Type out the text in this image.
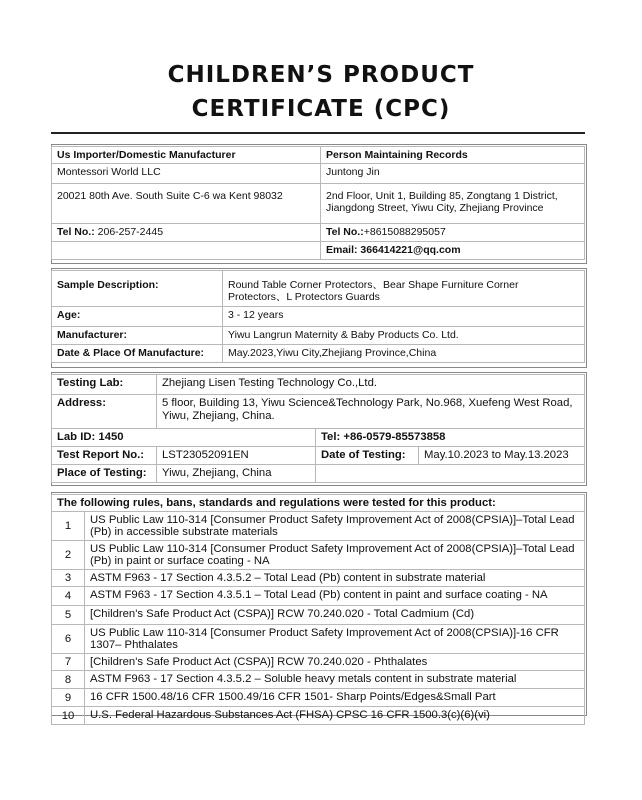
CHILDREN’S PRODUCT
CERTIFICATE (CPC)
Us Importer/Domestic Manufacturer	Person Maintaining Records
Montessori World LLC	Juntong Jin
20021 80th Ave. South Suite C-6 wa Kent 98032	2nd Floor, Unit 1, Building 85, Zongtang 1 District, Jiangdong Street, Yiwu City, Zhejiang Province
Tel No.: 206-257-2445	Tel No.:+8615088295057
	Email: 366414221@qq.com
Sample Description:	Round Table Corner Protectors、Bear Shape Furniture Corner Protectors、L Protectors Guards
Age:	3 - 12 years
Manufacturer:	Yiwu Langrun Maternity & Baby Products Co. Ltd.
Date & Place Of Manufacture:	May.2023,Yiwu City,Zhejiang Province,China
Testing Lab:	Zhejiang Lisen Testing Technology Co.,Ltd.		
Address:	5 floor, Building 13, Yiwu Science&Technology Park, No.968, Xuefeng West Road, Yiwu, Zhejiang, China.		
Lab ID: 1450		Tel: +86-0579-85573858	
Test Report No.:	LST23052091EN	Date of Testing:	May.10.2023 to May.13.2023
Place of Testing:	Yiwu, Zhejiang, China		
The following rules, bans, standards and regulations were tested for this product:	
1	US Public Law 110-314 [Consumer Product Safety Improvement Act of 2008(CPSIA)]–Total Lead (Pb) in accessible substrate materials
2	US Public Law 110-314 [Consumer Product Safety Improvement Act of 2008(CPSIA)]–Total Lead (Pb) in paint or surface coating - NA
3	ASTM F963 - 17 Section 4.3.5.2 – Total Lead (Pb) content in substrate material
4	ASTM F963 - 17 Section 4.3.5.1 – Total Lead (Pb) content in paint and surface coating - NA
5	[Children's Safe Product Act (CSPA)] RCW 70.240.020 - Total Cadmium (Cd)
6	US Public Law 110-314 [Consumer Product Safety Improvement Act of 2008(CPSIA)]-16 CFR 1307– Phthalates
7	[Children's Safe Product Act (CSPA)] RCW 70.240.020 - Phthalates
8	ASTM F963 - 17 Section 4.3.5.2 – Soluble heavy metals content in substrate material
9	16 CFR 1500.48/16 CFR 1500.49/16 CFR 1501- Sharp Points/Edges&Small Part
10	U.S. Federal Hazardous Substances Act (FHSA) CPSC 16 CFR 1500.3(c)(6)(vi)
